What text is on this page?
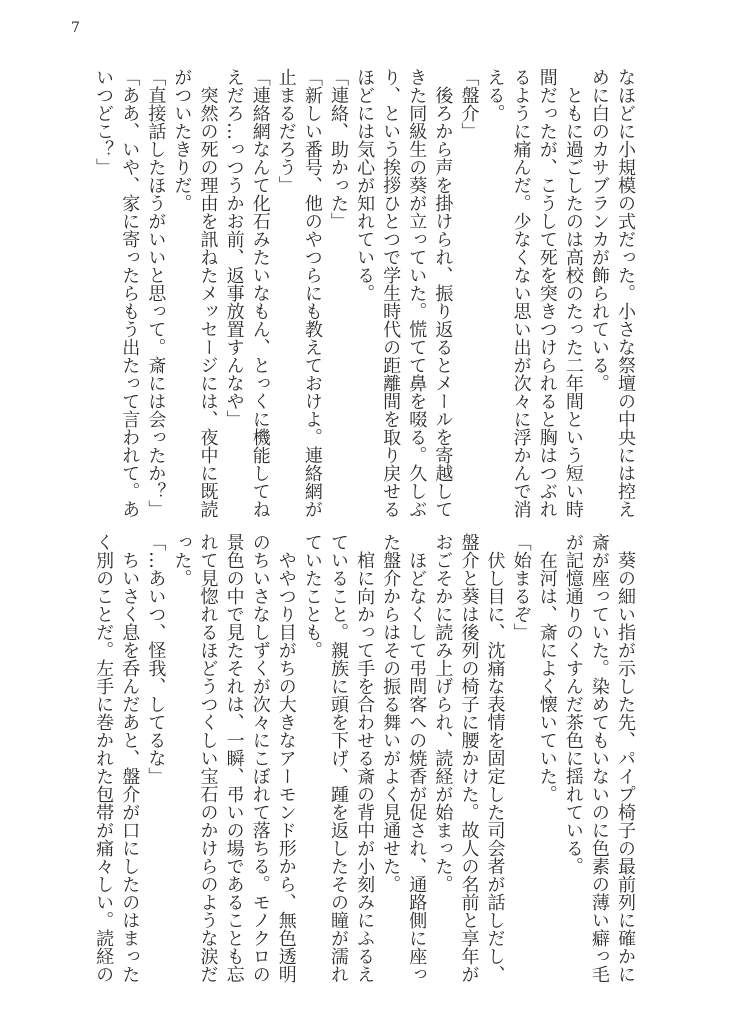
7
なほどに小規模の式だった。小さな祭壇の中央には控え
めに白のカサブランカが飾られている。
　ともに過ごしたのは高校のたった二年間という短い時
間だったが、こうして死を突きつけられると胸はつぶれ
るように痛んだ。少なくない思い出が次々に浮かんで消
える。
「盤介」
　後ろから声を掛けられ、振り返るとメールを寄越して
きた同級生の葵が立っていた。慌てて鼻を啜る。久しぶ
り、という挨拶ひとつで学生時代の距離間を取り戻せる
ほどには気心が知れている。
「連絡、助かった」
「新しい番号、他のやつらにも教えておけよ。連絡網が
止まるだろう」
「連絡網なんて化石みたいなもん、とっくに機能してね
えだろ…っつうかお前、返事放置すんなや」
　突然の死の理由を訊ねたメッセージには、夜中に既読
がついたきりだ。
「直接話したほうがいいと思って。斎には会ったか？」
「ああ、いや、家に寄ったらもう出たって言われて。あ
いつどこ？」
　葵の細い指が示した先、パイプ椅子の最前列に確かに
斎が座っていた。染めてもいないのに色素の薄い癖っ毛
が記憶通りのくすんだ茶色に揺れている。
　在河は、斎によく懐いていた。
「始まるぞ」
　伏し目に、沈痛な表情を固定した司会者が話しだし、
盤介と葵は後列の椅子に腰かけた。故人の名前と享年が
おごそかに読み上げられ、読経が始まった。
　ほどなくして弔問客への焼香が促され、通路側に座っ
た盤介からはその振る舞いがよく見通せた。
　棺に向かって手を合わせる斎の背中が小刻みにふるえ
ていること。親族に頭を下げ、踵を返したその瞳が濡れ
ていたことも。
　ややつり目がちの大きなアーモンド形から、無色透明
のちいさなしずくが次々にこぼれて落ちる。モノクロの
景色の中で見たそれは、一瞬、弔いの場であることも忘
れて見惚れるほどうつくしい宝石のかけらのような涙だ
った。
「…あいつ、怪我、してるな」
　ちいさく息を呑んだあと、盤介が口にしたのはまった
く別のことだ。左手に巻かれた包帯が痛々しい。読経の
